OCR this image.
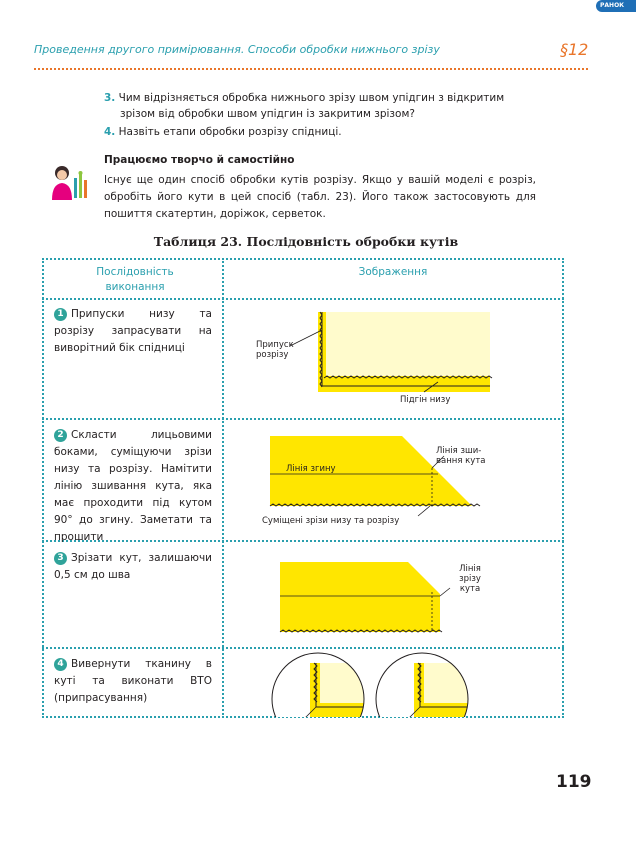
РАНОК
Проведення другого примірювання. Способи обробки нижнього зрізу	§12
3. Чим відрізняється обробка нижнього зрізу швом упідгин з відкритим
зрізом від обробки швом упідгин із закритим зрізом?
4. Назвіть етапи обробки розрізу спідниці.
Працюємо творчо й самостійно
Існує ще один спосіб обробки кутів розрізу. Якщо у вашій моделі є розріз, обробіть його кути в цей спосіб (табл. 23). Його також застосовують для пошиття скатертин, доріжок, серветок.
Таблиця 23. Послідовність обробки кутів
Послідовність виконання
Зображення
1 Припуски низу та розрізу запрасувати на виворітний бік спідниці
2 Скласти лицьовими боками, суміщуючи зрізи низу та розрізу. Намітити лінію зшивання кута, яка має проходити під кутом 90° до згину. Заметати та прошити
3 Зрізати кут, залишаючи 0,5 см до шва
4 Вивернути тканину в куті та виконати ВТО (припрасування)
Припуск розрізу
Підгін низу
Лінія згину
Лінія зши-вання кута
Суміщені зрізи низу та розрізу
Лінія зрізу кута
119
